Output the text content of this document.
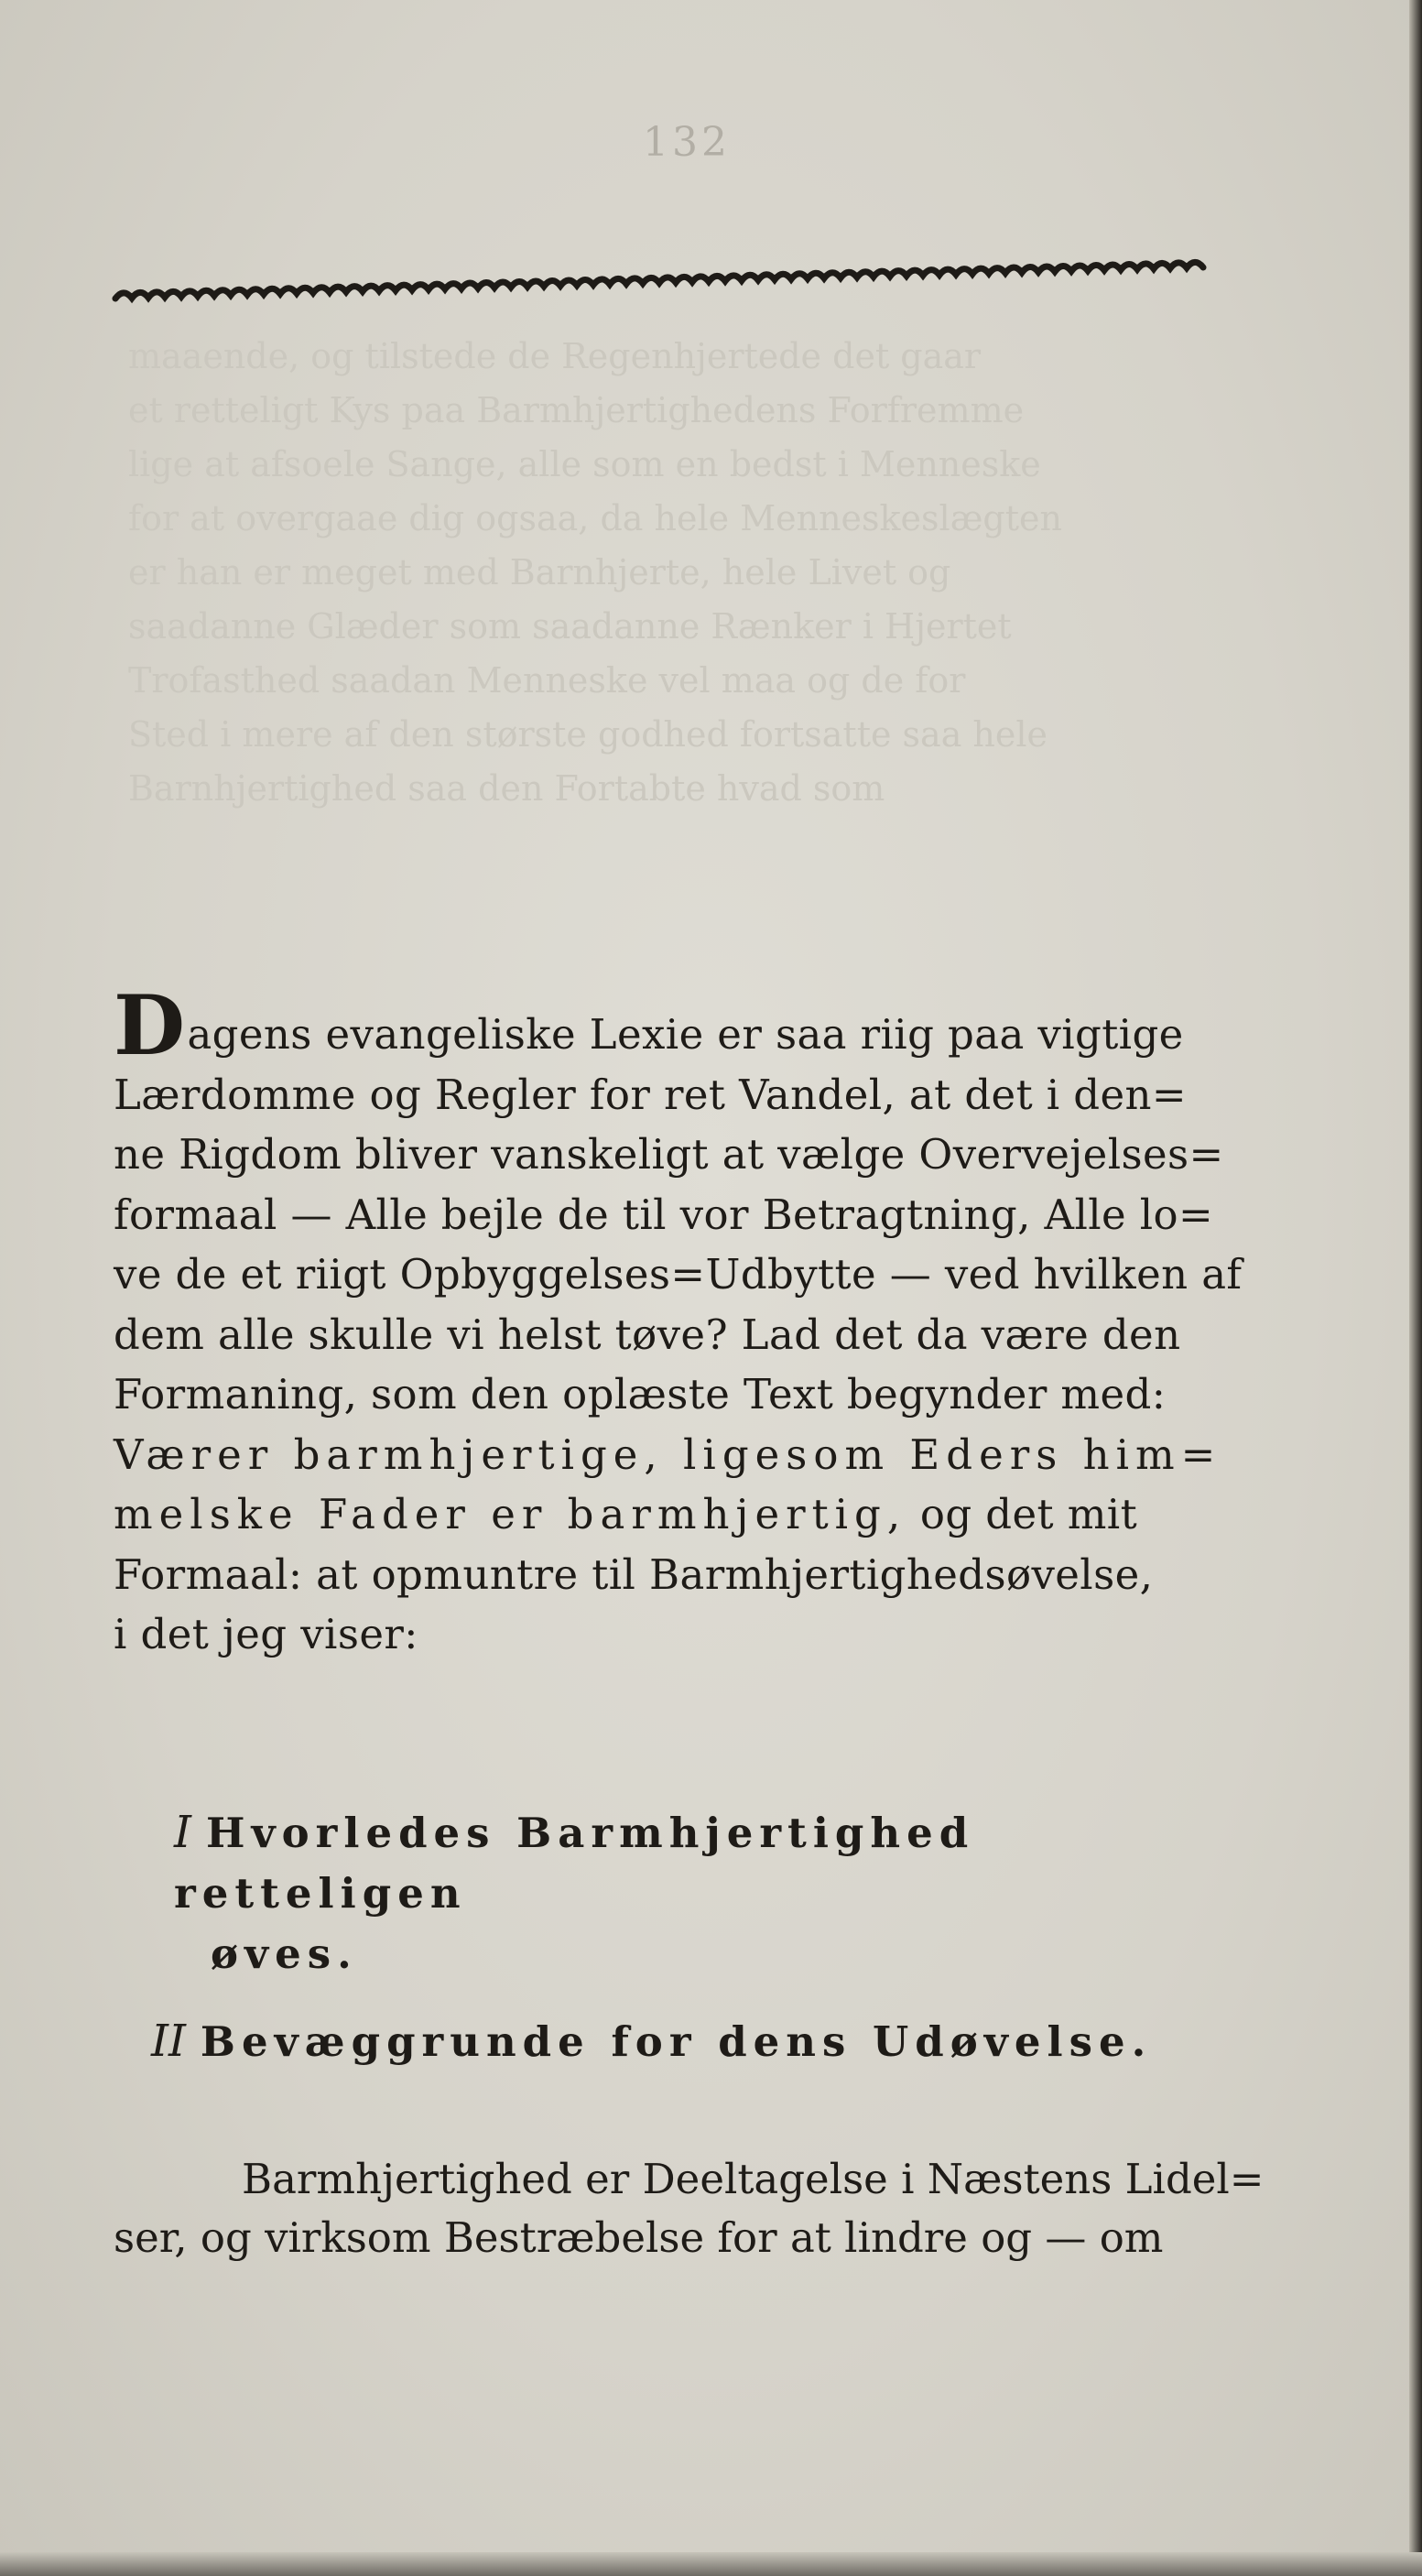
132

maaende, og tilstede de Regenhjertede det gaar

et retteligt Kys paa Barmhjertighedens Forfremme

lige at afsoele Sange, alle som en bedst i Menneske

for at overgaae dig ogsaa, da hele Menneskeslægten

er han er meget med Barnhjerte, hele Livet og

saadanne Glæder som saadanne Rænker i Hjertet

Trofasthed saadan Menneske vel maa og de for

Sted i mere af den største godhed fortsatte saa hele

Barnhjertighed saa den Fortabte hvad som

Dagens evangeliske Lexie er saa riig paa vigtige
Lærdomme og Regler for ret Vandel, at det i den=
ne Rigdom bliver vanskeligt at vælge Overvejelses=
formaal — Alle bejle de til vor Betragtning, Alle lo=
ve de et riigt Opbyggelses=Udbytte — ved hvilken af
dem alle skulle vi helst tøve? Lad det da være den
Formaning, som den oplæste Text begynder med:
Værer barmhjertige, ligesom Eders him=
melske Fader er barmhjertig, og det mit
Formaal: at opmuntre til Barmhjertighedsøvelse,
i det jeg viser:
I Hvorledes Barmhjertighed retteligen
øves.
II Bevæggrunde for dens Udøvelse.
Barmhjertighed er Deeltagelse i Næstens Lidel=
ser, og virksom Bestræbelse for at lindre og — om
